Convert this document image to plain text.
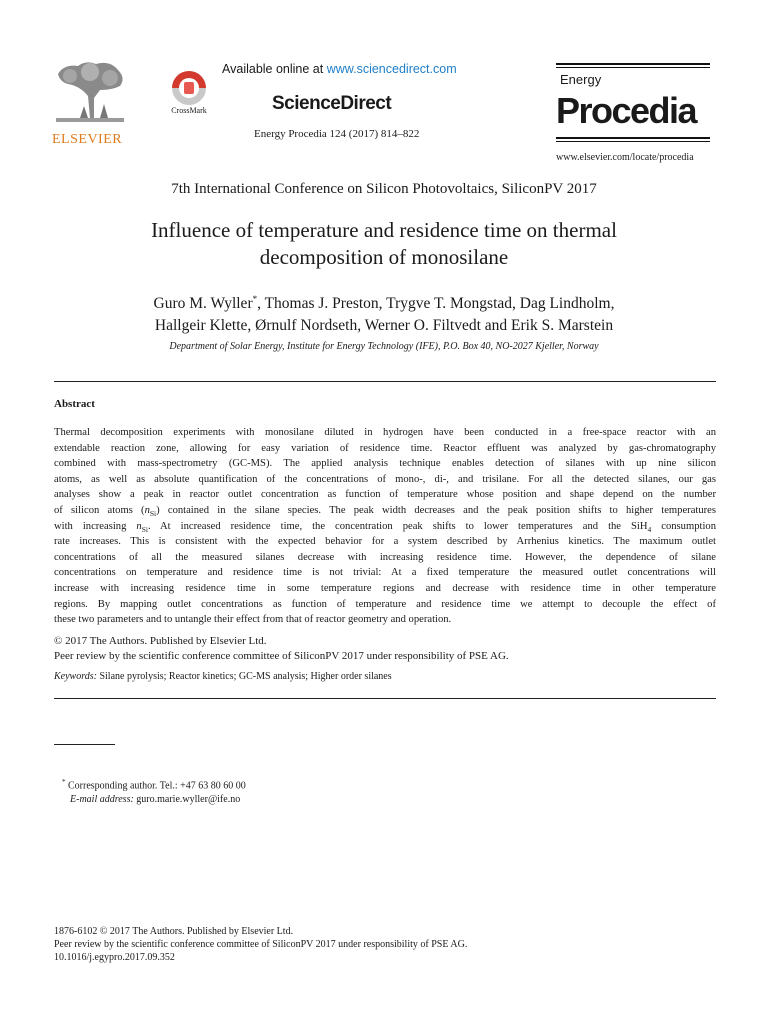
ELSEVIER
CrossMark
Available online at www.sciencedirect.com
ScienceDirect
Energy Procedia 124 (2017) 814–822
Energy
Procedia
www.elsevier.com/locate/procedia
7th International Conference on Silicon Photovoltaics, SiliconPV 2017
Influence of temperature and residence time on thermal
decomposition of monosilane
Guro M. Wyller*, Thomas J. Preston, Trygve T. Mongstad, Dag Lindholm,
Hallgeir Klette, Ørnulf Nordseth, Werner O. Filtvedt and Erik S. Marstein
Department of Solar Energy, Institute for Energy Technology (IFE), P.O. Box 40, NO-2027 Kjeller, Norway
Abstract
Thermal decomposition experiments with monosilane diluted in hydrogen have been conducted in a free-space reactor with an
extendable reaction zone, allowing for easy variation of residence time. Reactor effluent was analyzed by gas-chromatography
combined with mass-spectrometry (GC-MS). The applied analysis technique enables detection of silanes with up nine silicon
atoms, as well as absolute quantification of the concentrations of mono-, di-, and trisilane. For all the detected silanes, our gas
analyses show a peak in reactor outlet concentration as function of temperature whose position and shape depend on the number
of silicon atoms $(n_{Si})$ contained in the silane species. The peak width decreases and the peak position shifts to higher temperatures
with increasing $n_{Si}$. At increased residence time, the concentration peak shifts to lower temperatures and the SiH$_4$ consumption
rate increases. This is consistent with the expected behavior for a system described by Arrhenius kinetics. The maximum outlet
concentrations of all the measured silanes decrease with increasing residence time. However, the dependence of silane
concentrations on temperature and residence time is not trivial: At a fixed temperature the measured outlet concentrations will
increase with increasing residence time in some temperature regions and decrease with residence time in other temperature
regions. By mapping outlet concentrations as function of temperature and residence time we attempt to decouple the effect of
these two parameters and to untangle their effect from that of reactor geometry and operation.
© 2017 The Authors. Published by Elsevier Ltd.
Peer review by the scientific conference committee of SiliconPV 2017 under responsibility of PSE AG.
Keywords: Silane pyrolysis; Reactor kinetics; GC-MS analysis; Higher order silanes
* Corresponding author. Tel.: +47 63 80 60 00
E-mail address: guro.marie.wyller@ife.no
1876-6102 © 2017 The Authors. Published by Elsevier Ltd.
Peer review by the scientific conference committee of SiliconPV 2017 under responsibility of PSE AG.
10.1016/j.egypro.2017.09.352
